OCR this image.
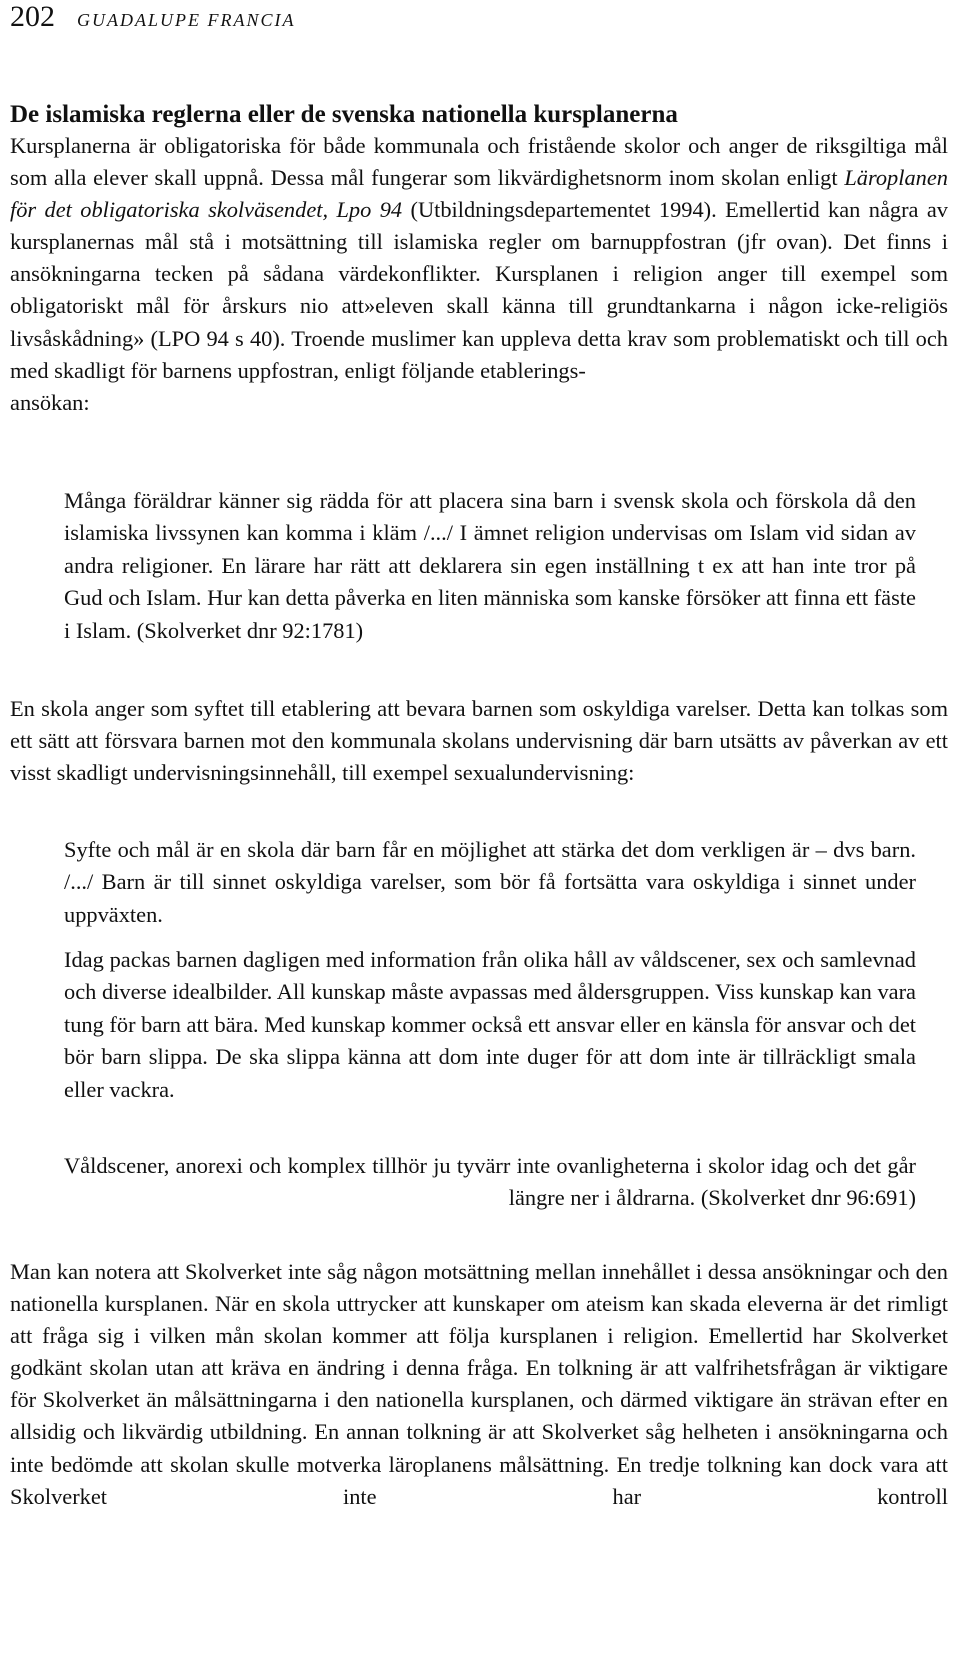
202 GUADALUPE FRANCIA
De islamiska reglerna eller de svenska nationella kursplanerna

Kursplanerna är obligatoriska för både kommunala och fristående skolor och anger de riksgiltiga mål som alla elever skall uppnå. Dessa mål fungerar som likvärdighetsnorm inom skolan enligt Läroplanen för det obligatoriska skolväsendet, Lpo 94 (Utbildningsdepartementet 1994). Emellertid kan några av kursplanernas mål stå i motsättning till islamiska regler om barnuppfostran (jfr ovan). Det finns i ansökningarna tecken på sådana värdekonflikter. Kursplanen i religion anger till exempel som obligatoriskt mål för årskurs nio att»eleven skall känna till grundtankarna i någon icke-religiös livsåskådning» (LPO 94 s 40). Troende muslimer kan uppleva detta krav som problematiskt och till och med skadligt för barnens uppfostran, enligt följande etablerings-
ansökan:

Många föräldrar känner sig rädda för att placera sina barn i svensk skola och förskola då den islamiska livssynen kan komma i kläm /.../ I ämnet religion undervisas om Islam vid sidan av andra religioner. En lärare har rätt att deklarera sin egen inställning t ex att han inte tror på Gud och Islam. Hur kan detta påverka en liten människa som kanske försöker att finna ett fäste i Islam. (Skolverket dnr 92:1781)

En skola anger som syftet till etablering att bevara barnen som oskyldiga varelser. Detta kan tolkas som ett sätt att försvara barnen mot den kommunala skolans undervisning där barn utsätts av påverkan av ett visst skadligt undervisningsinnehåll, till exempel sexualundervisning:

Syfte och mål är en skola där barn får en möjlighet att stärka det dom verkligen är – dvs barn. /.../ Barn är till sinnet oskyldiga varelser, som bör få fortsätta vara oskyldiga i sinnet under uppväxten.

Idag packas barnen dagligen med information från olika håll av våldscener, sex och samlevnad och diverse idealbilder. All kunskap måste avpassas med åldersgruppen. Viss kunskap kan vara tung för barn att bära. Med kunskap kommer också ett ansvar eller en känsla för ansvar och det bör barn slippa. De ska slippa känna att dom inte duger för att dom inte är tillräckligt smala eller vackra.

Våldscener, anorexi och komplex tillhör ju tyvärr inte ovanligheterna i skolor idag och det går längre ner i åldrarna. (Skolverket dnr 96:691)

Man kan notera att Skolverket inte såg någon motsättning mellan innehållet i dessa ansökningar och den nationella kursplanen. När en skola uttrycker att kunskaper om ateism kan skada eleverna är det rimligt att fråga sig i vilken mån skolan kommer att följa kursplanen i religion. Emellertid har Skolverket godkänt skolan utan att kräva en ändring i denna fråga. En tolkning är att valfrihetsfrågan är viktigare för Skolverket än målsättningarna i den nationella kursplanen, och därmed viktigare än strävan efter en allsidig och likvärdig utbildning. En annan tolkning är att Skolverket såg helheten i ansökningarna och inte bedömde att skolan skulle motverka läroplanens målsättning. En tredje tolkning kan dock vara att Skolverket inte har kontroll
